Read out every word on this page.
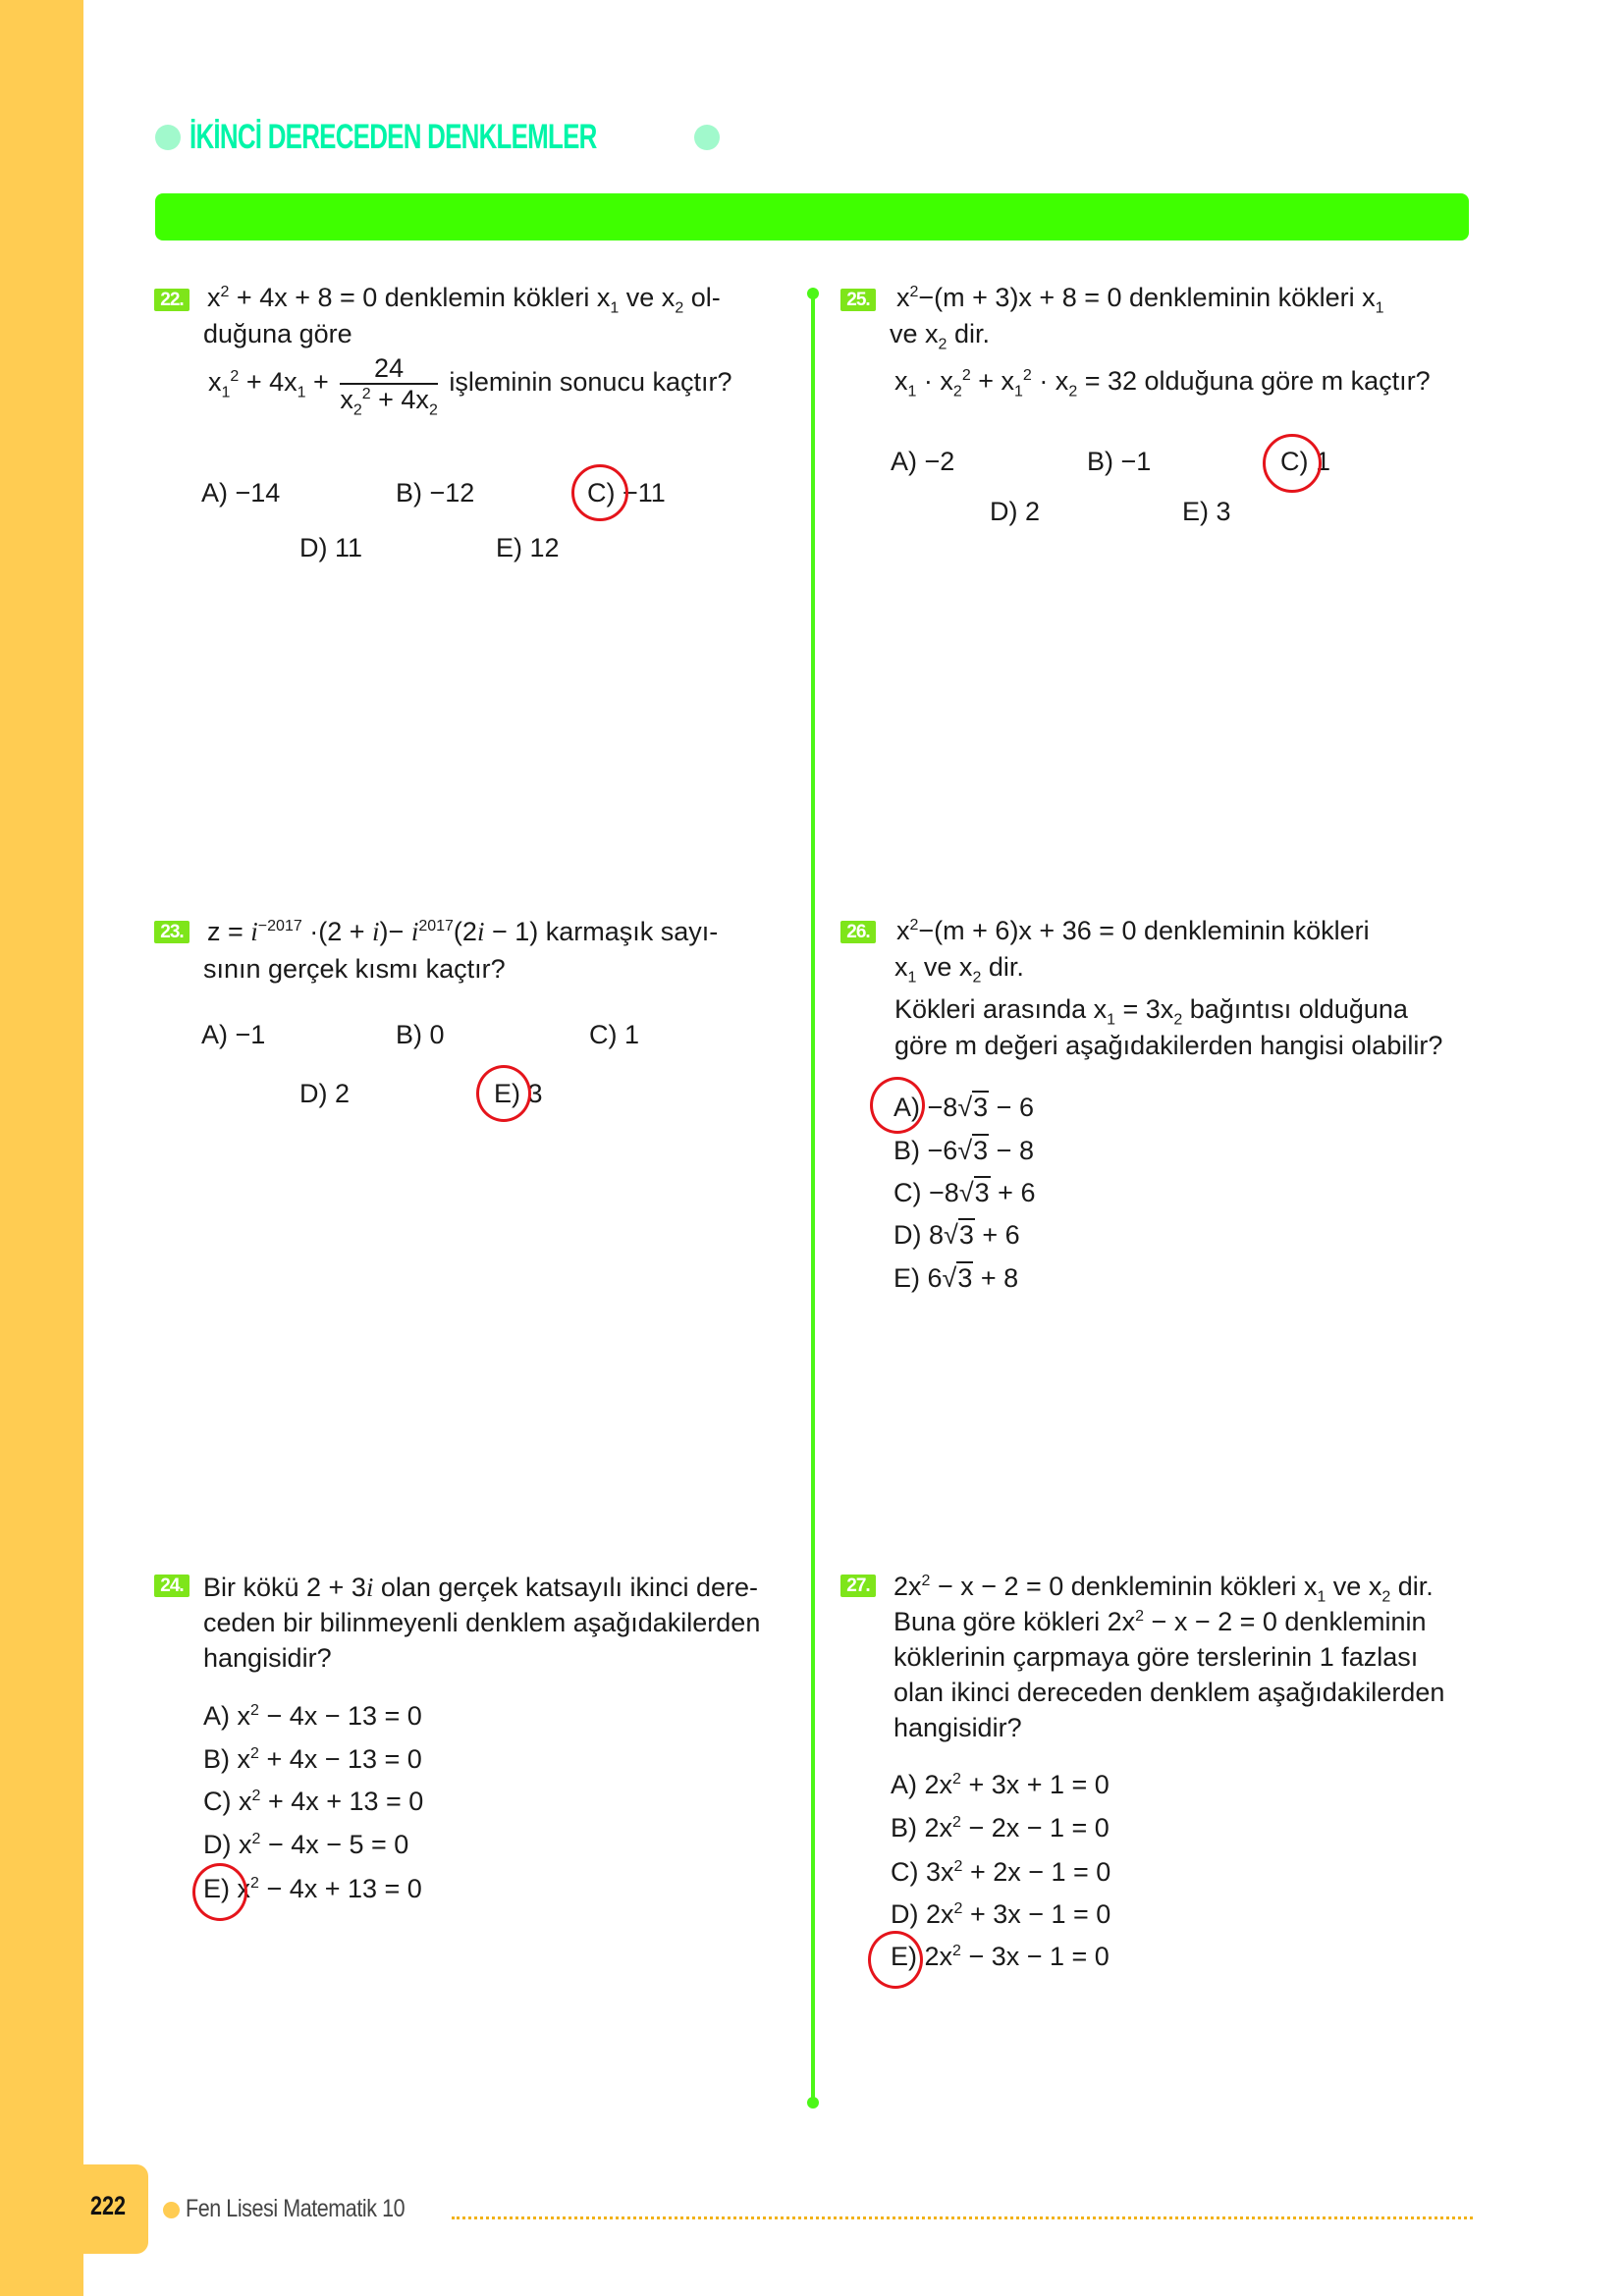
İKİNCİ DERECEDEN DENKLEMLER
22. $x^2 + 4x + 8 = 0$ denklemin kökleri $x_1$ ve $x_2$ ol-
duğuna göre
$x_1^2 + 4x_1 + \frac{24}{x_2^2 + 4x_2}$ işleminin sonucu kaçtır?
A) −14	B) −12	C) −11
D) 11	E) 12
25. $x^2-(m + 3)x + 8 = 0$ denkleminin kökleri $x_1$
ve $x_2$ dir.
$x_1 \cdot x_2^2 + x_1^2 \cdot x_2 = 32$ olduğuna göre m kaçtır?
A) −2	B) −1	C) 1
D) 2	E) 3
23. $z = i^{-2017} \cdot(2 + i)- i^{2017}(2i - 1)$ karmaşık sayı-
sının gerçek kısmı kaçtır?
A) −1	B) 0	C) 1
D) 2	E) 3
26. $x^2-(m + 6)x + 36 = 0$ denkleminin kökleri
$x_1$ ve $x_2$ dir.
Kökleri arasında $x_1 = 3x_2$ bağıntısı olduğuna
göre m değeri aşağıdakilerden hangisi olabilir?
A) −8√3 − 6
B) −6√3 − 8
C) −8√3 + 6
D) 8√3 + 6
E) 6√3 + 8
24. Bir kökü 2 + 3i olan gerçek katsayılı ikinci dere-
ceden bir bilinmeyenli denklem aşağıdakilerden
hangisidir?
A) $x^2 - 4x - 13 = 0$
B) $x^2 + 4x - 13 = 0$
C) $x^2 + 4x + 13 = 0$
D) $x^2 - 4x - 5 = 0$
E) $x^2 - 4x + 13 = 0$
27. $2x^2 - x - 2 = 0$ denkleminin kökleri $x_1$ ve $x_2$ dir.
Buna göre kökleri $2x^2 - x - 2 = 0$ denkleminin
köklerinin çarpmaya göre terslerinin 1 fazlası
olan ikinci dereceden denklem aşağıdakilerden
hangisidir?
A) $2x^2 + 3x + 1 = 0$
B) $2x^2 - 2x - 1 = 0$
C) $3x^2 + 2x - 1 = 0$
D) $2x^2 + 3x - 1 = 0$
E) $2x^2 - 3x - 1 = 0$
222 Fen Lisesi Matematik 10
